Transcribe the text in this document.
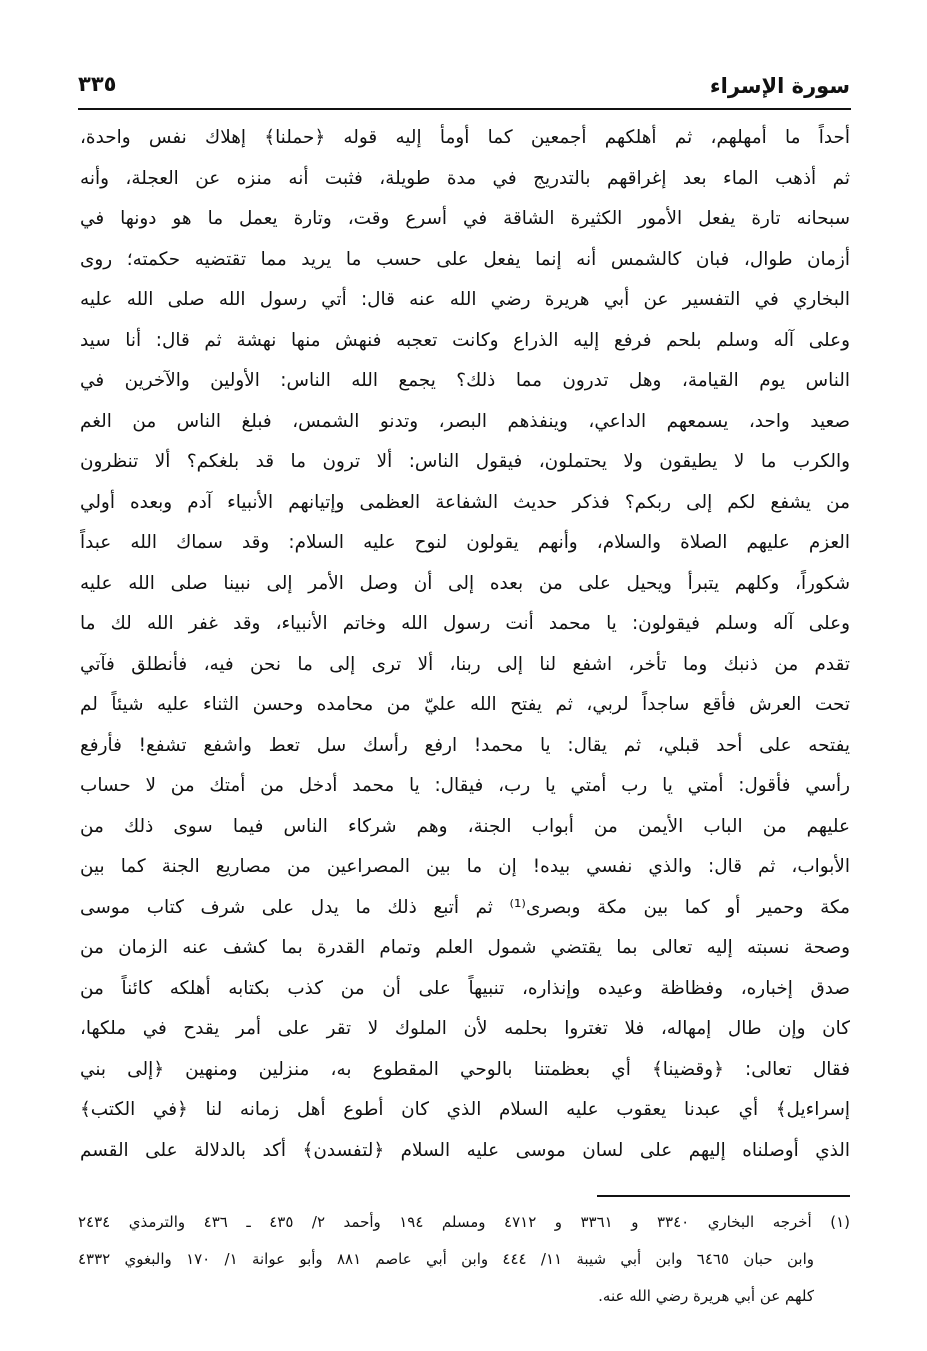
سورة الإسراء
٣٣٥
أحداً ما أمهلهم، ثم أهلكهم أجمعين كما أومأ إليه قوله ﴿حملنا﴾ إهلاك نفس واحدة،
ثم أذهب الماء بعد إغراقهم بالتدريج في مدة طويلة، فثبت أنه منزه عن العجلة، وأنه
سبحانه تارة يفعل الأمور الكثيرة الشاقة في أسرع وقت، وتارة يعمل ما هو دونها في
أزمان طوال، فبان كالشمس أنه إنما يفعل على حسب ما يريد مما تقتضيه حكمته؛ روى
البخاري في التفسير عن أبي هريرة رضي الله عنه قال: أتي رسول الله صلى الله عليه
وعلى آله وسلم بلحم فرفع إليه الذراع وكانت تعجبه فنهش منها نهشة ثم قال: أنا سيد
الناس يوم القيامة، وهل تدرون مما ذلك؟ يجمع الله الناس: الأولين والآخرين في
صعيد واحد، يسمعهم الداعي، وينفذهم البصر، وتدنو الشمس، فبلغ الناس من الغم
والكرب ما لا يطيقون ولا يحتملون، فيقول الناس: ألا ترون ما قد بلغكم؟ ألا تنظرون
من يشفع لكم إلى ربكم؟ فذكر حديث الشفاعة العظمى وإتيانهم الأنبياء آدم وبعده أولي
العزم عليهم الصلاة والسلام، وأنهم يقولون لنوح عليه السلام: وقد سماك الله عبداً
شكوراً، وكلهم يتبرأ ويحيل على من بعده إلى أن وصل الأمر إلى نبينا صلى الله عليه
وعلى آله وسلم فيقولون: يا محمد أنت رسول الله وخاتم الأنبياء، وقد غفر الله لك ما
تقدم من ذنبك وما تأخر، اشفع لنا إلى ربنا، ألا ترى إلى ما نحن فيه، فأنطلق فآتي
تحت العرش فأقع ساجداً لربي، ثم يفتح الله عليّ من محامده وحسن الثناء عليه شيئاً لم
يفتحه على أحد قبلي، ثم يقال: يا محمد! ارفع رأسك سل تعط واشفع تشفع! فأرفع
رأسي فأقول: أمتي يا رب أمتي يا رب، فيقال: يا محمد أدخل من أمتك من لا حساب
عليهم من الباب الأيمن من أبواب الجنة، وهم شركاء الناس فيما سوى ذلك من
الأبواب، ثم قال: والذي نفسي بيده! إن ما بين المصراعين من مصاريع الجنة كما بين
مكة وحمير أو كما بين مكة وبصرى⁽¹⁾ ثم أتبع ذلك ما يدل على شرف كتاب موسى
وصحة نسبته إليه تعالى بما يقتضي شمول العلم وتمام القدرة بما كشف عنه الزمان من
صدق إخباره، وفظاظة وعيده وإنذاره، تنبيهاً على أن من كذب بكتابه أهلكه كائناً من
كان وإن طال إمهاله، فلا تغتروا بحلمه لأن الملوك لا تقر على أمر يقدح في ملكها،
فقال تعالى: ﴿وقضينا﴾ أي بعظمتنا بالوحي المقطوع به، منزلين ومنهين ﴿إلى بني
إسراءيل﴾ أي عبدنا يعقوب عليه السلام الذي كان أطوع أهل زمانه لنا ﴿في الكتب﴾
الذي أوصلناه إليهم على لسان موسى عليه السلام ﴿لتفسدن﴾ أكد بالدلالة على القسم
(١) أخرجه البخاري ٣٣٤٠ و ٣٣٦١ و ٤٧١٢ ومسلم ١٩٤ وأحمد ٢/ ٤٣٥ ـ ٤٣٦ والترمذي ٢٤٣٤
وابن حبان ٦٤٦٥ وابن أبي شيبة ١١/ ٤٤٤ وابن أبي عاصم ٨٨١ وأبو عوانة ١/ ١٧٠ والبغوي ٤٣٣٢
كلهم عن أبي هريرة رضي الله عنه.
